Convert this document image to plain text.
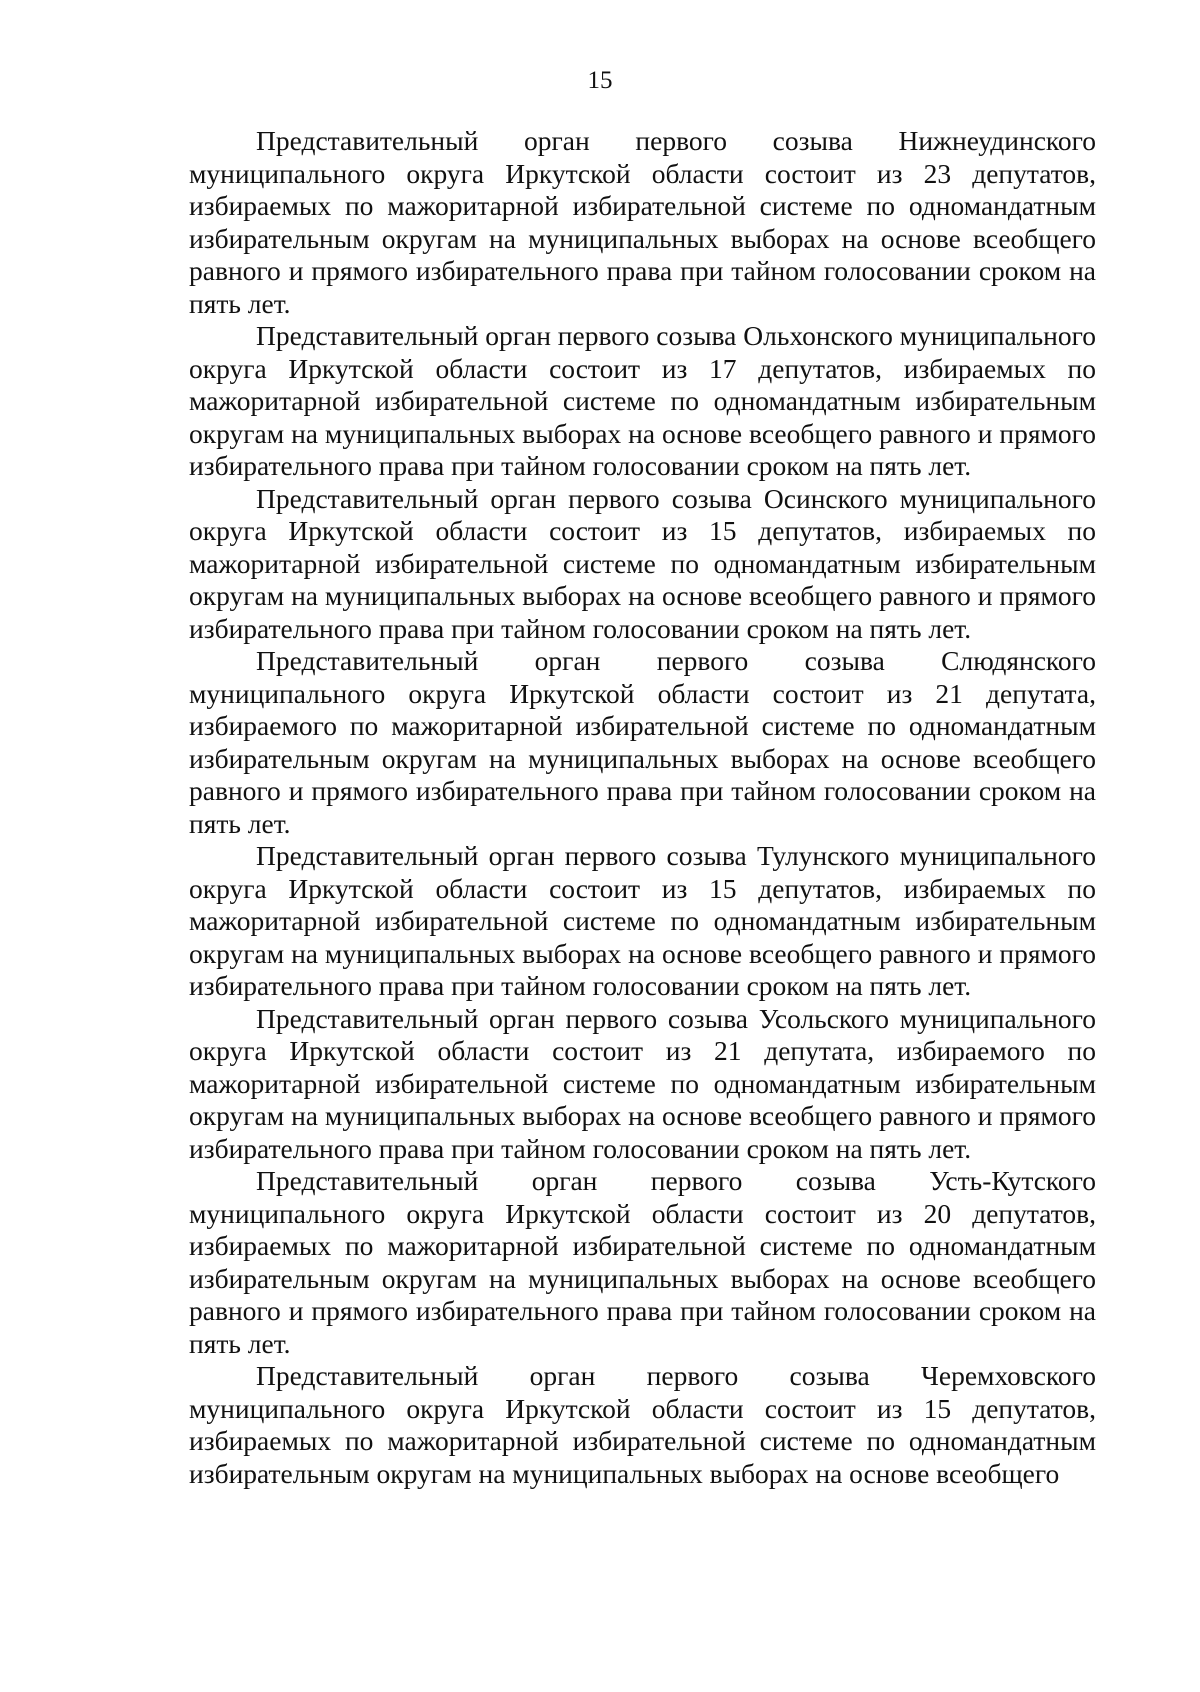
15

Представительный орган первого созыва Нижнеудинского муниципального округа Иркутской области состоит из 23 депутатов, избираемых по мажоритарной избирательной системе по одномандатным избирательным округам на муниципальных выборах на основе всеобщего равного и прямого избирательного права при тайном голосовании сроком на пять лет.

Представительный орган первого созыва Ольхонского муниципального округа Иркутской области состоит из 17 депутатов, избираемых по мажоритарной избирательной системе по одномандатным избирательным округам на муниципальных выборах на основе всеобщего равного и прямого избирательного права при тайном голосовании сроком на пять лет.

Представительный орган первого созыва Осинского муниципального округа Иркутской области состоит из 15 депутатов, избираемых по мажоритарной избирательной системе по одномандатным избирательным округам на муниципальных выборах на основе всеобщего равного и прямого избирательного права при тайном голосовании сроком на пять лет.

Представительный орган первого созыва Слюдянского муниципального округа Иркутской области состоит из 21 депутата, избираемого по мажоритарной избирательной системе по одномандатным избирательным округам на муниципальных выборах на основе всеобщего равного и прямого избирательного права при тайном голосовании сроком на пять лет.

Представительный орган первого созыва Тулунского муниципального округа Иркутской области состоит из 15 депутатов, избираемых по мажоритарной избирательной системе по одномандатным избирательным округам на муниципальных выборах на основе всеобщего равного и прямого избирательного права при тайном голосовании сроком на пять лет.

Представительный орган первого созыва Усольского муниципального округа Иркутской области состоит из 21 депутата, избираемого по мажоритарной избирательной системе по одномандатным избирательным округам на муниципальных выборах на основе всеобщего равного и прямого избирательного права при тайном голосовании сроком на пять лет.

Представительный орган первого созыва Усть-Кутского муниципального округа Иркутской области состоит из 20 депутатов, избираемых по мажоритарной избирательной системе по одномандатным избирательным округам на муниципальных выборах на основе всеобщего равного и прямого избирательного права при тайном голосовании сроком на пять лет.

Представительный орган первого созыва Черемховского муниципального округа Иркутской области состоит из 15 депутатов, избираемых по мажоритарной избирательной системе по одномандатным избирательным округам на муниципальных выборах на основе всеобщего
